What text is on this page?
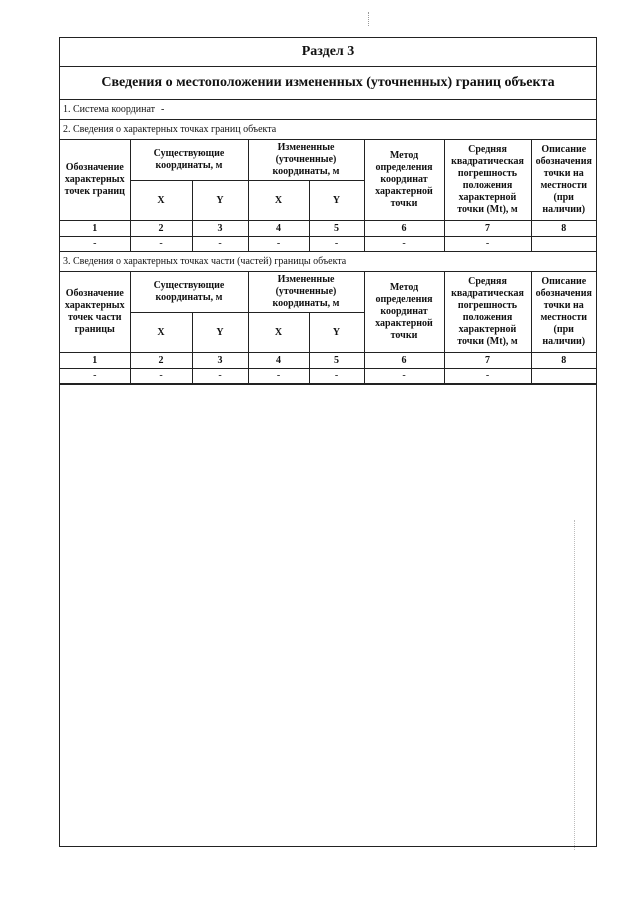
Раздел 3
Сведения о местоположении измененных (уточненных) границ объекта
1. Система координат -
2. Сведения о характерных точках границ объекта
Обозначение характерных точек границ	Существующие координаты, м		Измененные (уточненные) координаты, м		Метод определения координат характерной точки	Средняя квадратическая погрешность положения характерной точки (Mt), м	Описание обозначения точки на местности (при наличии)
	X	Y	X	Y			
1	2	3	4	5	6	7	8
-	-	-	-	-	-	-	
3. Сведения о характерных точках части (частей) границы объекта
Обозначение характерных точек части границы	Существующие координаты, м		Измененные (уточненные) координаты, м		Метод определения координат характерной точки	Средняя квадратическая погрешность положения характерной точки (Mt), м	Описание обозначения точки на местности (при наличии)
	X	Y	X	Y			
1	2	3	4	5	6	7	8
-	-	-	-	-	-	-	
